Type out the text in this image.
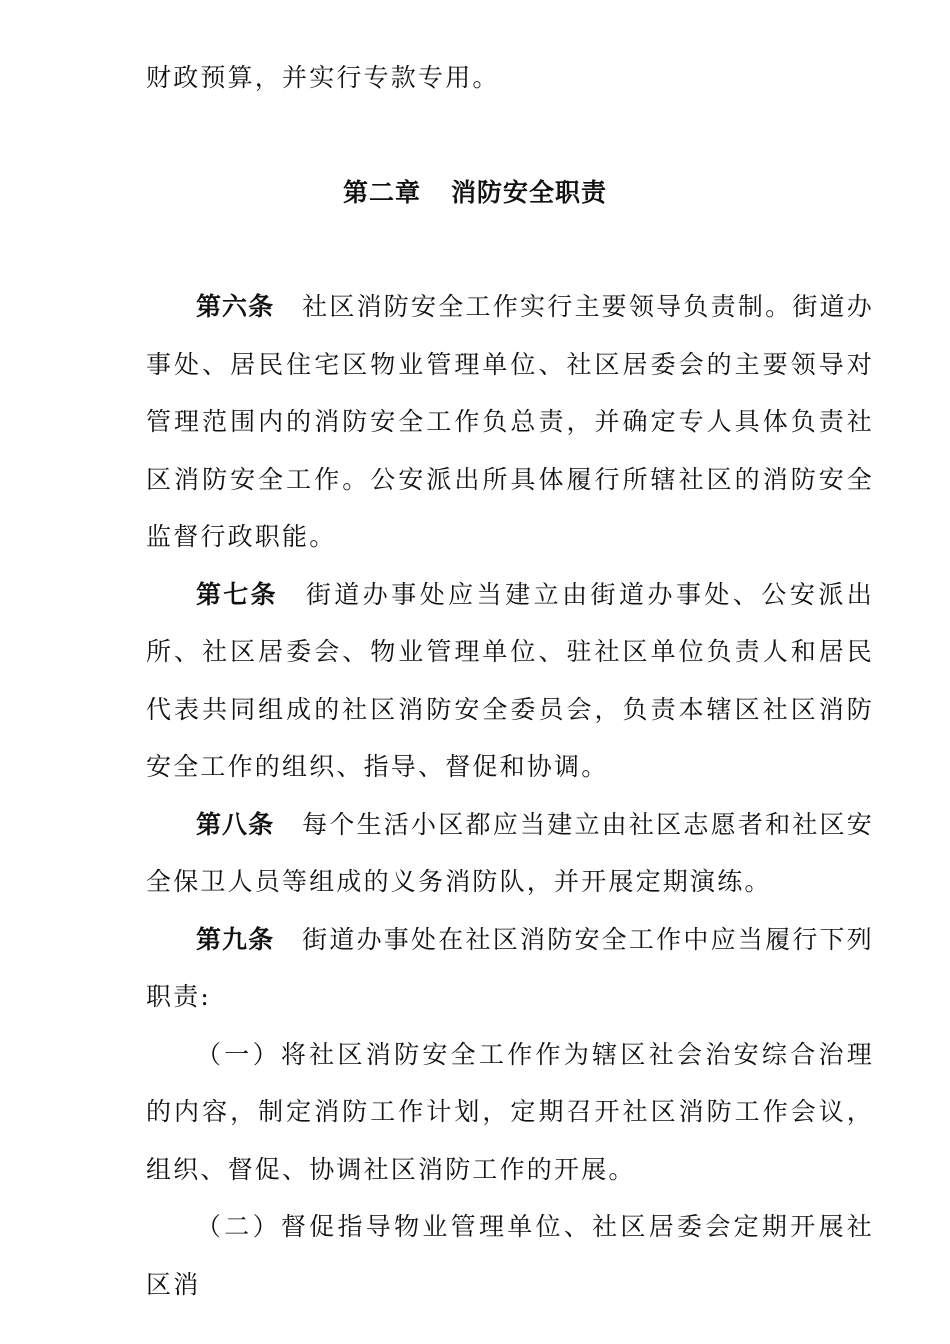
财政预算，并实行专款专用。

第二章 消防安全职责

第六条 社区消防安全工作实行主要领导负责制。街道办事处、居民住宅区物业管理单位、社区居委会的主要领导对管理范围内的消防安全工作负总责，并确定专人具体负责社区消防安全工作。公安派出所具体履行所辖社区的消防安全监督行政职能。

第七条 街道办事处应当建立由街道办事处、公安派出所、社区居委会、物业管理单位、驻社区单位负责人和居民代表共同组成的社区消防安全委员会，负责本辖区社区消防安全工作的组织、指导、督促和协调。

第八条 每个生活小区都应当建立由社区志愿者和社区安全保卫人员等组成的义务消防队，并开展定期演练。

第九条 街道办事处在社区消防安全工作中应当履行下列职责:

（一）将社区消防安全工作作为辖区社会治安综合治理的内容，制定消防工作计划，定期召开社区消防工作会议，组织、督促、协调社区消防工作的开展。

（二）督促指导物业管理单位、社区居委会定期开展社区消
